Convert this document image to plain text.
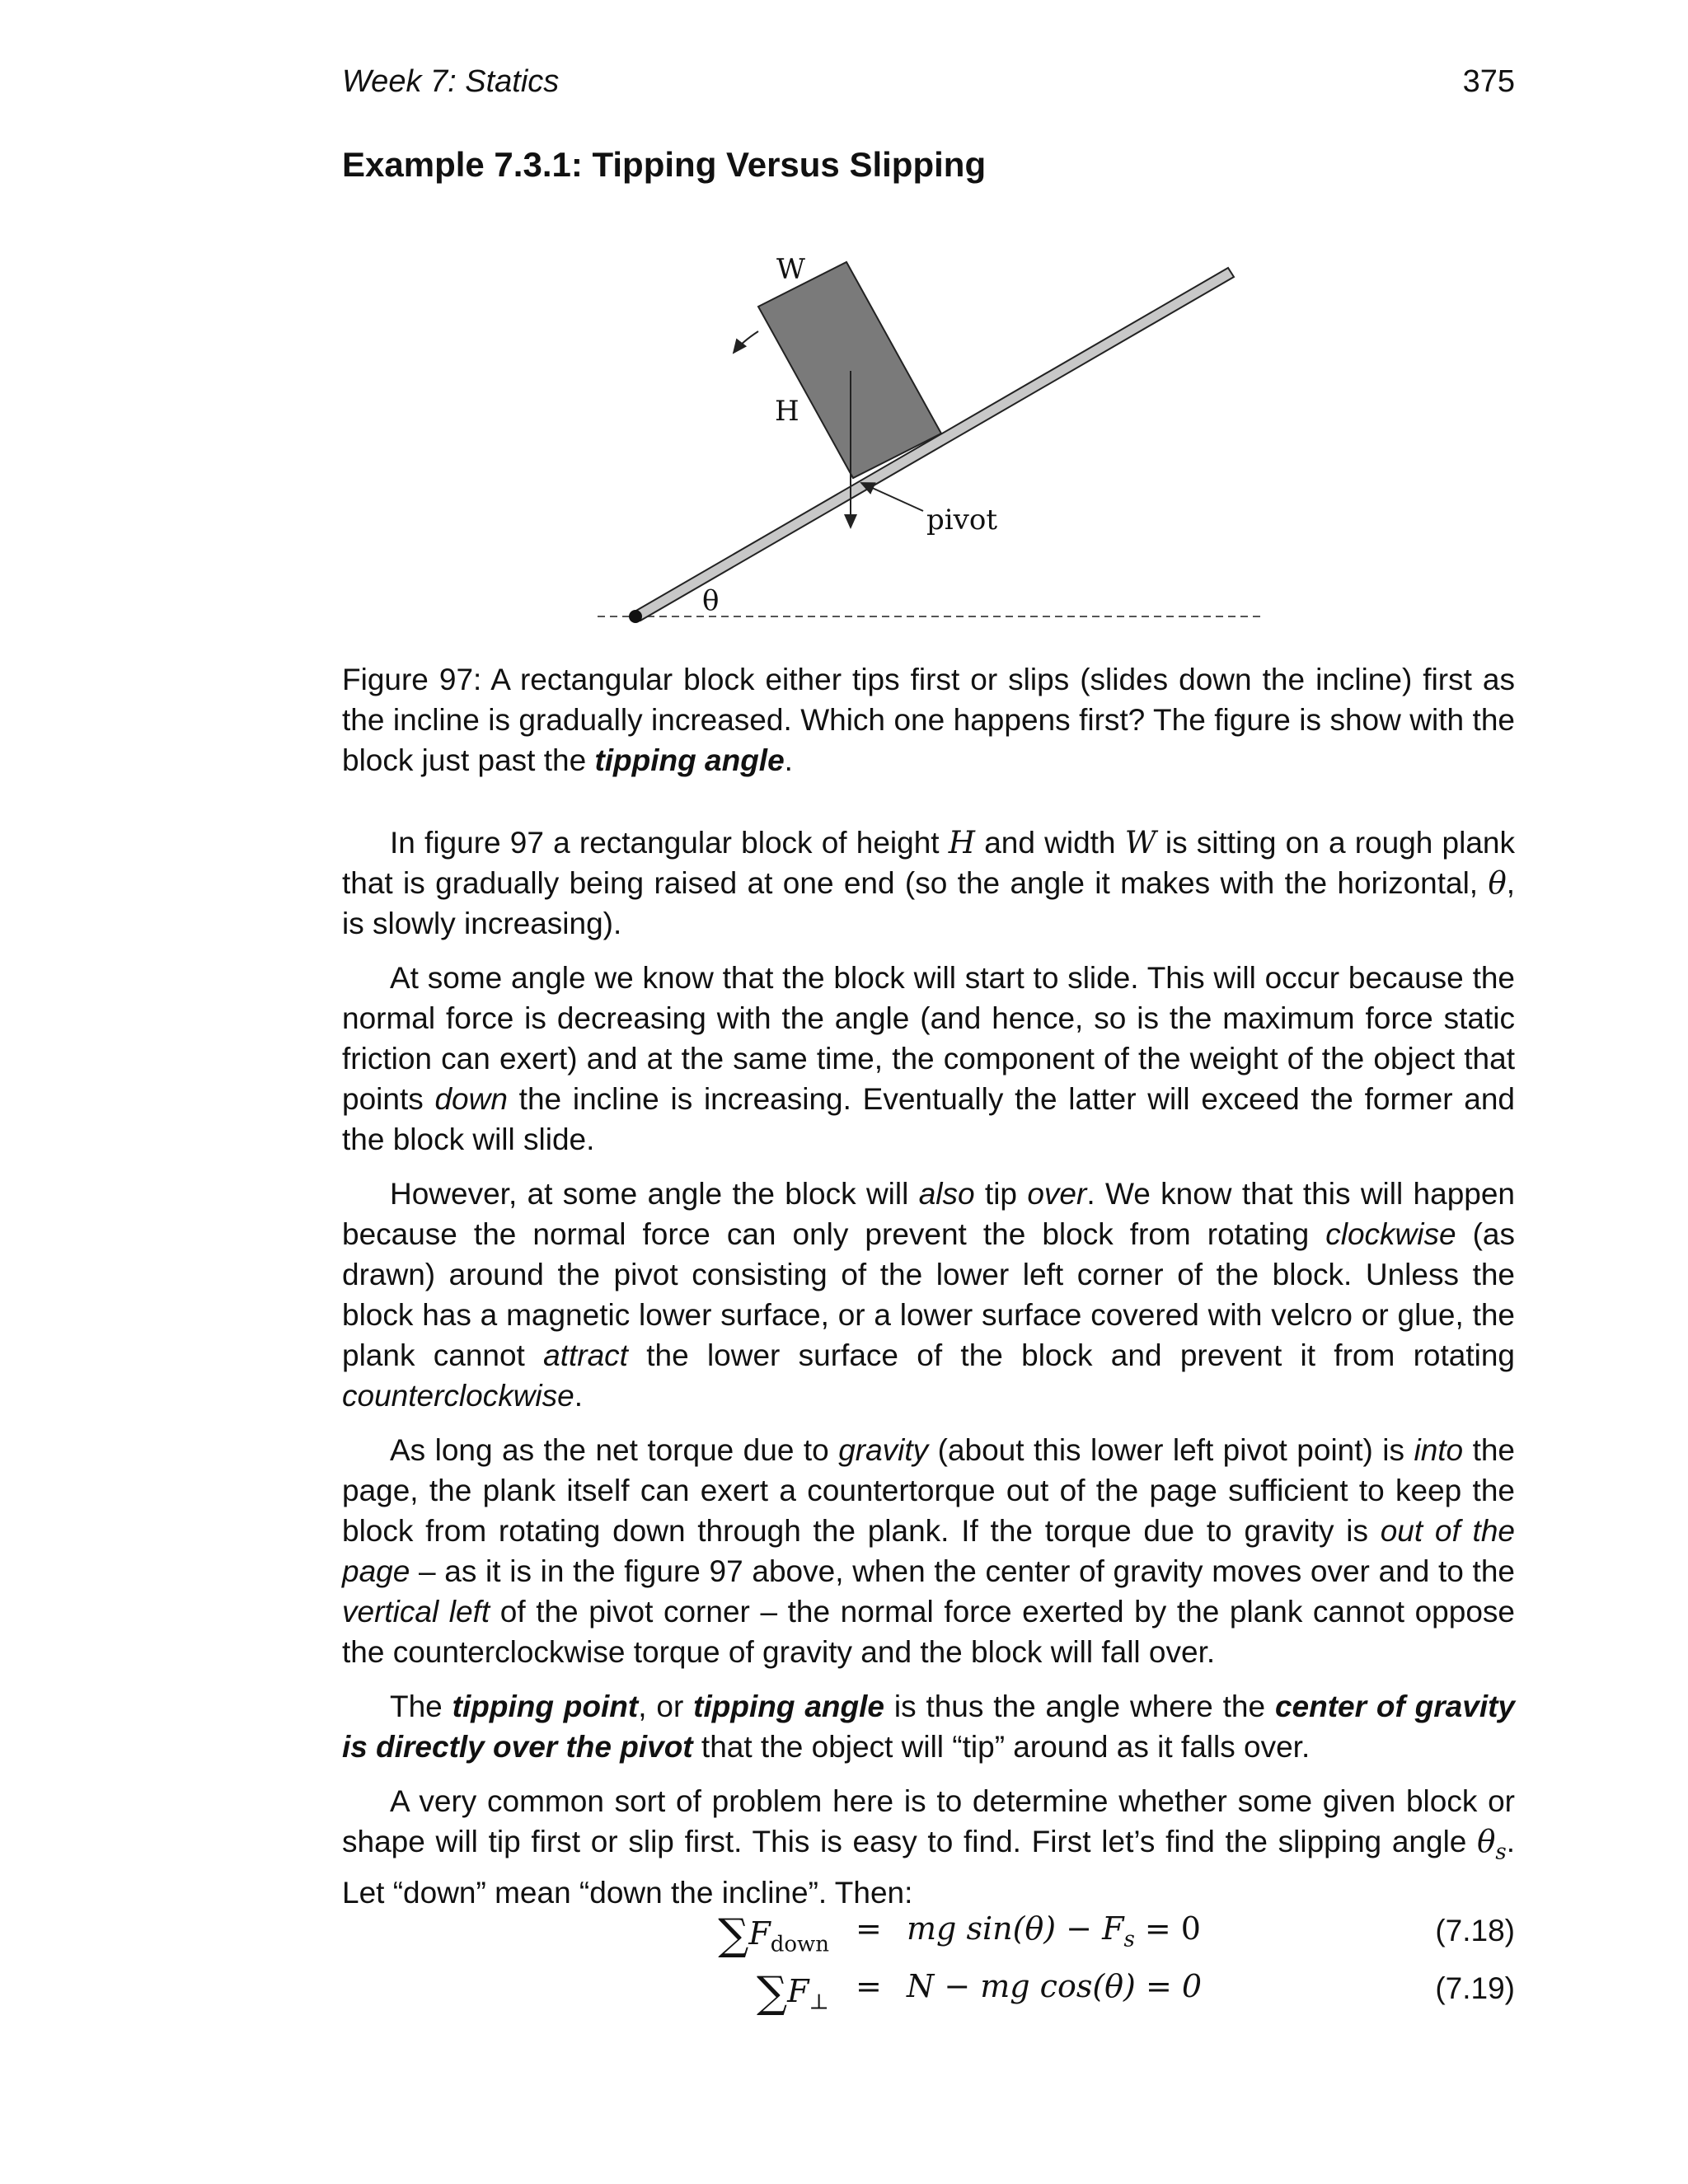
Week 7: Statics	375
Example 7.3.1: Tipping Versus Slipping
W
H
pivot
θ

Figure 97: A rectangular block either tips first or slips (slides down the incline) first as the incline is gradually increased. Which one happens first? The figure is show with the block just past the tipping angle.

In figure 97 a rectangular block of height H and width W is sitting on a rough plank that is gradually being raised at one end (so the angle it makes with the horizontal, θ, is slowly increasing).

At some angle we know that the block will start to slide. This will occur because the normal force is decreasing with the angle (and hence, so is the maximum force static friction can exert) and at the same time, the component of the weight of the object that points down the incline is increasing. Eventually the latter will exceed the former and the block will slide.

However, at some angle the block will also tip over. We know that this will happen because the normal force can only prevent the block from rotating clockwise (as drawn) around the pivot consisting of the lower left corner of the block. Unless the block has a magnetic lower surface, or a lower surface covered with velcro or glue, the plank cannot attract the lower surface of the block and prevent it from rotating counterclockwise.

As long as the net torque due to gravity (about this lower left pivot point) is into the page, the plank itself can exert a countertorque out of the page sufficient to keep the block from rotating down through the plank. If the torque due to gravity is out of the page – as it is in the figure 97 above, when the center of gravity moves over and to the vertical left of the pivot corner – the normal force exerted by the plank cannot oppose the counterclockwise torque of gravity and the block will fall over.

The tipping point, or tipping angle is thus the angle where the center of gravity is directly over the pivot that the object will “tip” around as it falls over.

A very common sort of problem here is to determine whether some given block or shape will tip first or slip first. This is easy to find. First let’s find the slipping angle $\theta_s$. Let “down” mean “down the incline”. Then:

$\sum F_{down}$ = mg $\sin(\theta) - F_s = 0$	(7.18)
$\sum F_\perp = N$ − mg cos(θ) = 0	(7.19)
